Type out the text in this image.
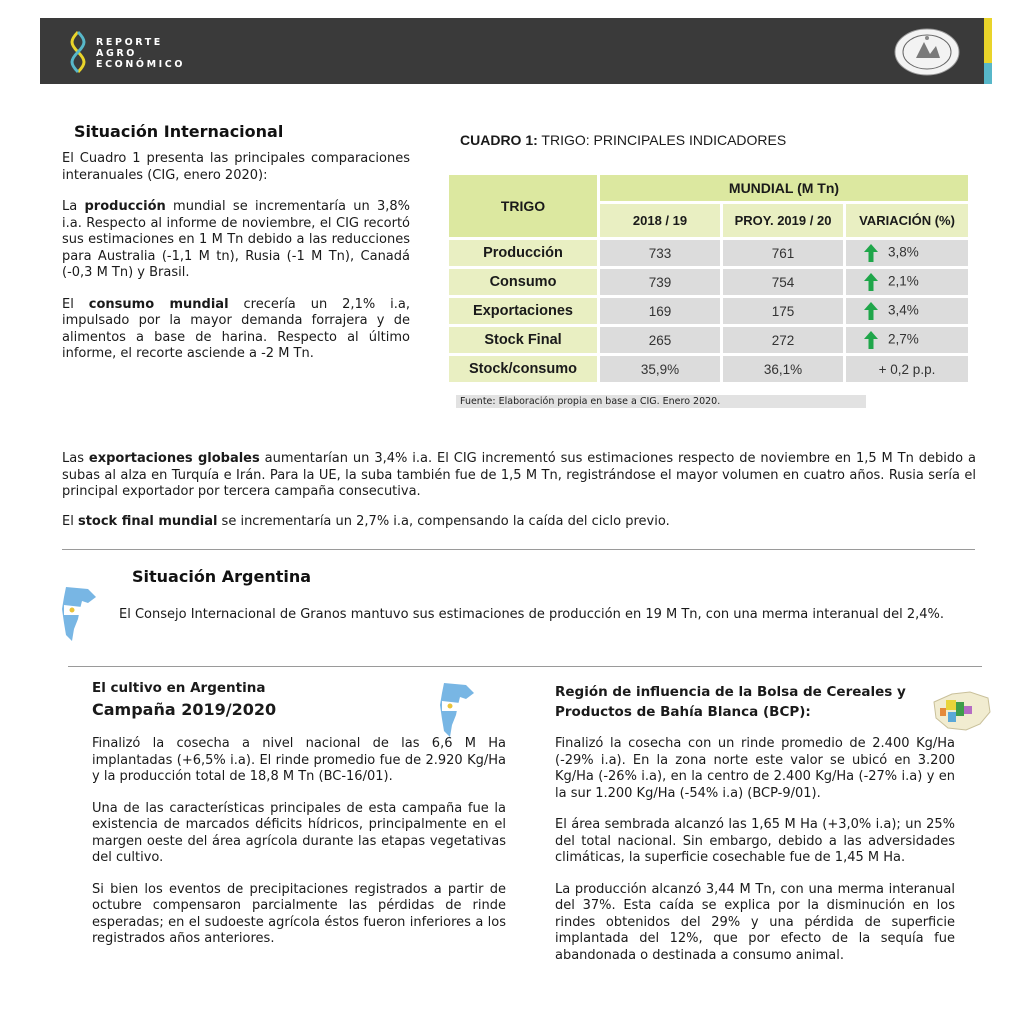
REPORTE
AGRO
ECONÓMICO
Situación Internacional

El Cuadro 1 presenta las principales comparaciones interanuales (CIG, enero 2020):

La producción mundial se incrementaría un 3,8% i.a. Respecto al informe de noviembre, el CIG recortó sus estimaciones en 1 M Tn debido a las reducciones para Australia (-1,1 M tn), Rusia (-1 M Tn), Canadá (-0,3 M Tn) y Brasil.

El consumo mundial crecería un 2,1% i.a, impulsado por la mayor demanda forrajera y de alimentos a base de harina. Respecto al último informe, el recorte asciende a -2 M Tn.

CUADRO 1: TRIGO: PRINCIPALES INDICADORES
TRIGO	MUNDIAL (M Tn)		
	2018 / 19	PROY. 2019 / 20	VARIACIÓN (%)
Producción	733	761	3,8%
Consumo	739	754	2,1%
Exportaciones	169	175	3,4%
Stock Final	265	272	2,7%
Stock/consumo	35,9%	36,1%	+ 0,2 p.p.
Fuente: Elaboración propia en base a CIG. Enero 2020.
Las exportaciones globales aumentarían un 3,4% i.a. El CIG incrementó sus estimaciones respecto de noviembre en 1,5 M Tn debido a subas al alza en Turquía e Irán. Para la UE, la suba también fue de 1,5 M Tn, registrándose el mayor volumen en cuatro años. Rusia sería el principal exportador por tercera campaña consecutiva.
El stock final mundial se incrementaría un 2,7% i.a, compensando la caída del ciclo previo.
Situación Argentina
El Consejo Internacional de Granos mantuvo sus estimaciones de producción en 19 M Tn, con una merma interanual del 2,4%.
El cultivo en Argentina
Campaña 2019/2020

Finalizó la cosecha a nivel nacional de las 6,6 M Ha implantadas (+6,5% i.a). El rinde promedio fue de 2.920 Kg/Ha y la producción total de 18,8 M Tn (BC-16/01).

Una de las características principales de esta campaña fue la existencia de marcados déficits hídricos, principalmente en el margen oeste del área agrícola durante las etapas vegetativas del cultivo.

Si bien los eventos de precipitaciones registrados a partir de octubre compensaron parcialmente las pérdidas de rinde esperadas; en el sudoeste agrícola éstos fueron inferiores a los registrados años anteriores.

Región de influencia de la Bolsa de Cereales y Productos de Bahía Blanca (BCP):

Finalizó la cosecha con un rinde promedio de 2.400 Kg/Ha (-29% i.a). En la zona norte este valor se ubicó en 3.200 Kg/Ha (-26% i.a), en la centro de 2.400 Kg/Ha (-27% i.a) y en la sur 1.200 Kg/Ha (-54% i.a) (BCP-9/01).

El área sembrada alcanzó las 1,65 M Ha (+3,0% i.a); un 25% del total nacional. Sin embargo, debido a las adversidades climáticas, la superficie cosechable fue de 1,45 M Ha.

La producción alcanzó 3,44 M Tn, con una merma interanual del 37%. Esta caída se explica por la disminución en los rindes obtenidos del 29% y una pérdida de superficie implantada del 12%, que por efecto de la sequía fue abandonada o destinada a consumo animal.
